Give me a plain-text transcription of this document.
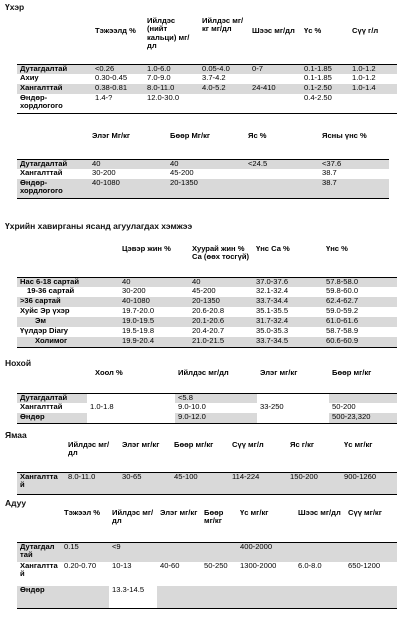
Үхэр
	Тэжээлд %	Ийлдэс (нийт кальци) мг/дл	Ийлдэс мг/кг мг/дл	Шээс мг/дл	Үс %	Сүү г/л
Дутагдалтай	<0.26	1.0-6.0	0.05-4.0	0-7	0.1-1.85	1.0-1.2
Ахиу	0.30-0.45	7.0-9.0	3.7-4.2		0.1-1.85	1.0-1.2
Хангалттай	0.38-0.81	8.0-11.0	4.0-5.2	24-410	0.1-2.50	1.0-1.4
Өндөр-хордлогого	1.4-?	12.0-30.0			0.4-2.50	
	Элэг Мг/кг	Бөөр Мг/кг	Яс %	Ясны үнс %
Дутагдалтай	40	40	<24.5	<37.6
Хангалттай	30-200	45-200		38.7
Өндөр-хордлогого	40-1080	20-1350		38.7
Үхрийн хавирганы ясанд агуулагдах хэмжээ
	Цэвэр жин %	Хуурай жин % Са (өөх тосгүй)	Үнс Са %	Үнс %
Нас 6-18 сартай	40	40	37.0-37.6	57.8-58.0
19-36 сартай	30-200	45-200	32.1-32.4	59.8-60.0
>36 сартай	40-1080	20-1350	33.7-34.4	62.4-62.7
Хуйс Эр үхэр	19.7-20.0	20.6-20.8	35.1-35.5	59.0-59.2
Эм	19.0-19.5	20.1-20.6	31.7-32.4	61.0-61.6
Үүлдэр Diary	19.5-19.8	20.4-20.7	35.0-35.3	58.7-58.9
Холимог	19.9-20.4	21.0-21.5	33.7-34.5	60.6-60.9
Нохой
	Хоол %	Ийлдэс мг/дл	Элэг мг/кг	Бөөр мг/кг
Дутагдалтай		<5.8		
Хангалттай	1.0-1.8	9.0-10.0	33-250	50-200
Өндөр		9.0-12.0		500-23,320
Ямаа
	Ийлдэс мг/дл	Элэг мг/кг	Бөөр мг/кг	Сүү мг/л	Яс г/кг	Үс мг/кг
Хангалттай	8.0-11.0	30-65	45-100	114-224	150-200	900-1260
Адуу
	Тэжээл %	Ийлдэс мг/дл	Элэг мг/кг	Бөөр мг/кг	Үс мг/кг	Шээс мг/дл	Сүү мг/кг
Дутагдалтай	0.15	<9			400-2000		
Хангалттай	0.20-0.70	10-13	40-60	50-250	1300-2000	6.0-8.0	650-1200
Өндөр		13.3-14.5					
